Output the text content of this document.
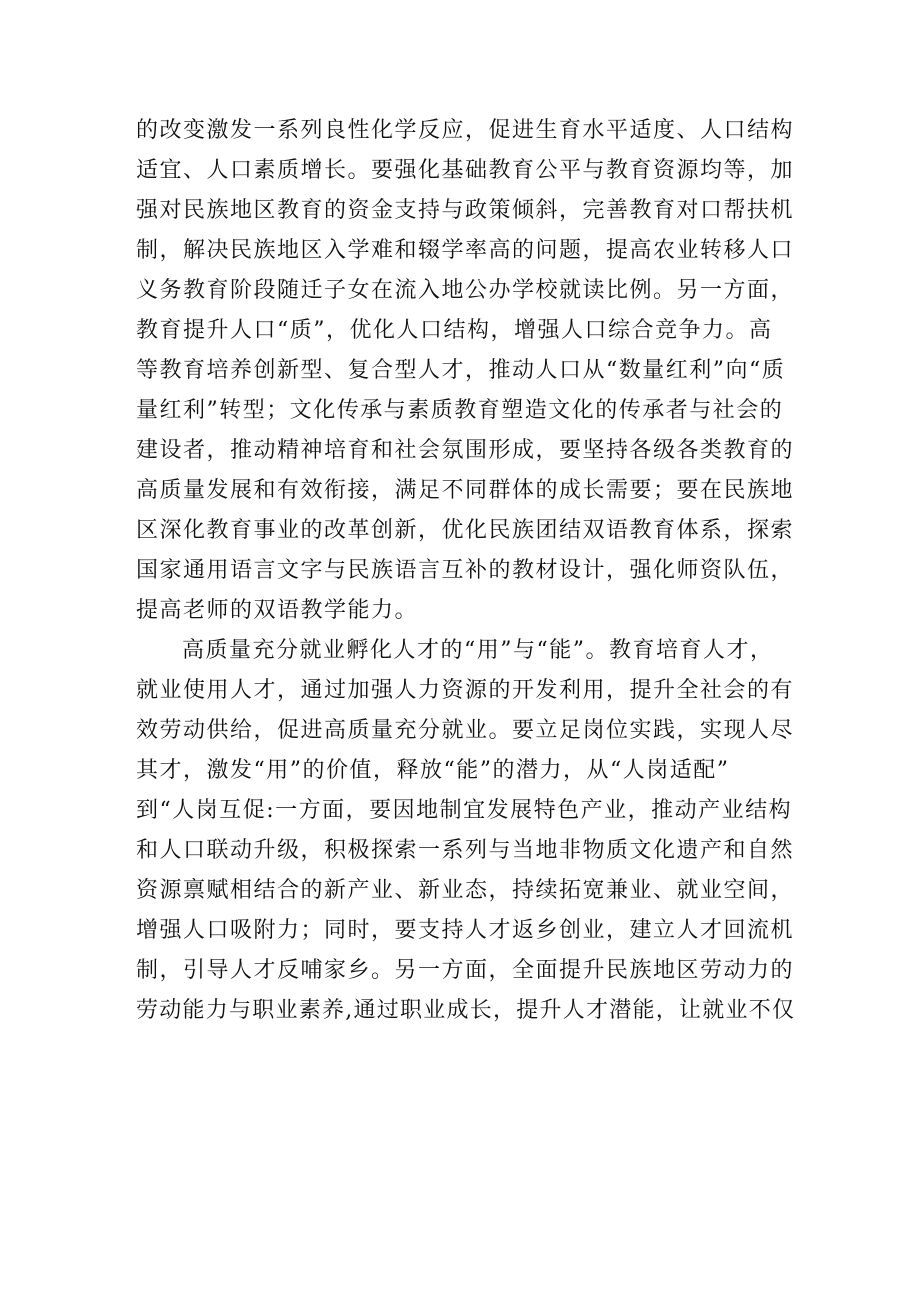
的改变激发一系列良性化学反应，促进生育水平适度、人口结构
适宜、人口素质增长。要强化基础教育公平与教育资源均等，加
强对民族地区教育的资金支持与政策倾斜，完善教育对口帮扶机
制，解决民族地区入学难和辍学率高的问题，提高农业转移人口
义务教育阶段随迁子女在流入地公办学校就读比例。另一方面，
教育提升人口“质”，优化人口结构，增强人口综合竞争力。高
等教育培养创新型、复合型人才，推动人口从“数量红利”向“质
量红利”转型；文化传承与素质教育塑造文化的传承者与社会的
建设者，推动精神培育和社会氛围形成，要坚持各级各类教育的
高质量发展和有效衔接，满足不同群体的成长需要；要在民族地
区深化教育事业的改革创新，优化民族团结双语教育体系，探索
国家通用语言文字与民族语言互补的教材设计，强化师资队伍，
提高老师的双语教学能力。
高质量充分就业孵化人才的“用”与“能”。教育培育人才，
就业使用人才，通过加强人力资源的开发利用，提升全社会的有
效劳动供给，促进高质量充分就业。要立足岗位实践，实现人尽
其才，激发“用”的价值，释放“能”的潜力，从“人岗适配”
到“人岗互促:一方面，要因地制宜发展特色产业，推动产业结构
和人口联动升级，积极探索一系列与当地非物质文化遗产和自然
资源禀赋相结合的新产业、新业态，持续拓宽兼业、就业空间，
增强人口吸附力；同时，要支持人才返乡创业，建立人才回流机
制，引导人才反哺家乡。另一方面，全面提升民族地区劳动力的
劳动能力与职业素养,通过职业成长，提升人才潜能，让就业不仅
